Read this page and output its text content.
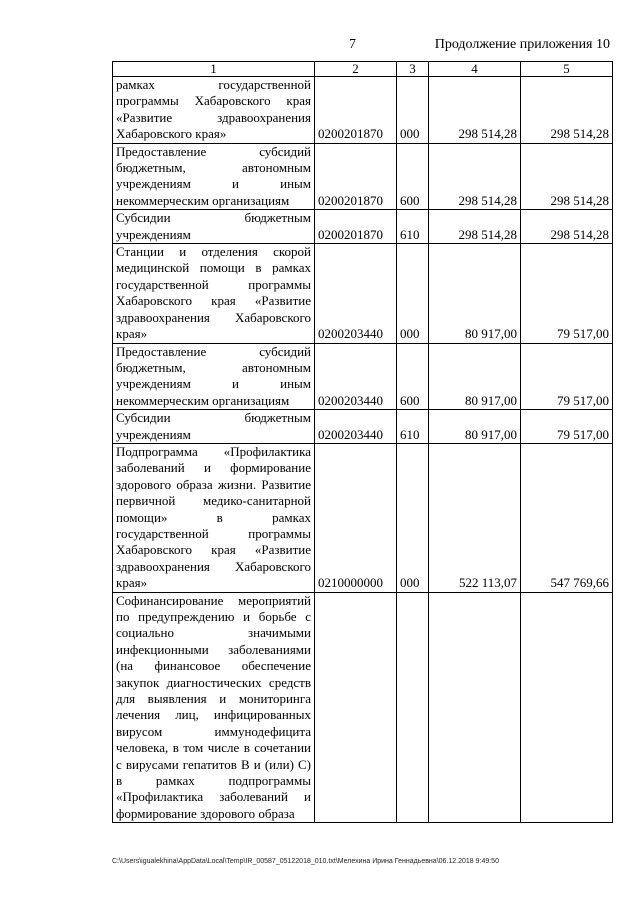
7	Продолжение приложения 10
1	2	3	4	5
рамках государственной программы Хабаровского края «Развитие здравоохранения Хабаровского края»	0200201870	000	298 514,28	298 514,28
Предоставление субсидий бюджетным, автономным учреждениям и иным некоммерческим организациям	0200201870	600	298 514,28	298 514,28
Субсидии бюджетным учреждениям	0200201870	610	298 514,28	298 514,28
Станции и отделения скорой медицинской помощи в рамках государственной программы Хабаровского края «Развитие здравоохранения Хабаровского края»	0200203440	000	80 917,00	79 517,00
Предоставление субсидий бюджетным, автономным учреждениям и иным некоммерческим организациям	0200203440	600	80 917,00	79 517,00
Субсидии бюджетным учреждениям	0200203440	610	80 917,00	79 517,00
Подпрограмма «Профилактика заболеваний и формирование здорового образа жизни. Развитие первичной медико-санитарной помощи» в рамках государственной программы Хабаровского края «Развитие здравоохранения Хабаровского края»	0210000000	000	522 113,07	547 769,66
Софинансирование мероприятий по предупреждению и борьбе с социально значимыми инфекционными заболеваниями (на финансовое обеспечение закупок диагностических средств для выявления и мониторинга лечения лиц, инфицированных вирусом иммунодефицита человека, в том числе в сочетании с вирусами гепатитов В и (или) С) в рамках подпрограммы «Профилактика заболеваний и формирование здорового образа				
C:\Users\igualekhina\AppData\Local\Temp\IR_00587_05122018_010.txt\Мелехина Ирина Геннадьевна\06.12.2018 9:49:50
